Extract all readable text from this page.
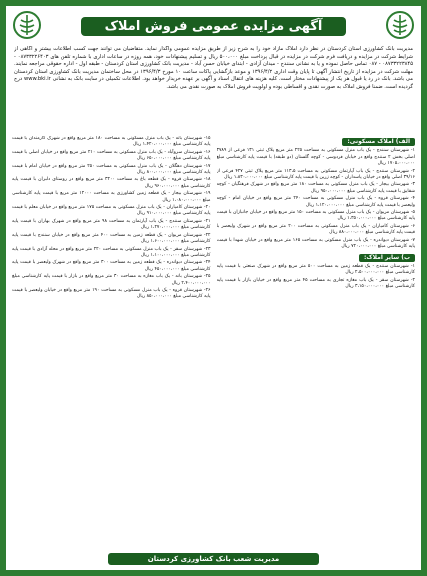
آگهی مزایده عمومی فروش املاک
مدیریت بانک کشاورزی استان کردستان در نظر دارد املاک مازاد خود را به شرح زیر از طریق مزایده عمومی واگذار نماید. متقاضیان می توانند جهت کسب اطلاعات بیشتر و آگاهی از شرایط شرکت در مزایده و دریافت فرم شرکت در مزایده در قبال پرداخت مبلغ ۵۰۰،۰۰۰ ریال و تسلیم پیشنهادات خود، همه روزه در ساعات اداری با شماره تلفن های ۰۸۷۳۳۲۲۶۴۰۳ - ۰۸۷۳۳۲۲۳۸۴۵ - ۰۸۷ تماس حاصل نموده و یا به نشانی سنندج - میدان آزادی - ابتدای خیابان حسن آباد - مدیریت بانک کشاورزی استان کردستان - طبقه اول - اداره حقوقی مراجعه نمایند. مهلت شرکت در مزایده از تاریخ انتشار آگهی تا پایان وقت اداری ۱۳۹۶/۴/۲ و موعد بازگشایی پاکات ساعت ۱۰ مورخ ۱۳۹۶/۴/۳ در محل ساختمان مدیریت بانک کشاورزی استان کردستان می باشد. بانک در رد یا قبول هر یک از پیشنهادات مختار است. کلیه هزینه های انتقال اسناد و آگهی بر عهده خریدار خواهد بود. اطلاعات تکمیلی در سایت بانک به نشانی www.bki.ir درج گردیده است. ضمنا فروش املاک به صورت نقدی و اقساطی بوده و اولویت فروش املاک به صورت نقدی می باشد.
الف) املاک مسکونی:
۱- شهرستان سنندج - یک باب منزل مسکونی به مساحت ۲۲۵ متر مربع پلاک ثبتی ۱۳۱ فرعی از ۳۷۸۹ اصلی بخش ۲ سنندج واقع در خیابان فردوسی - کوچه گلستان (دو طبقه) با قیمت پایه کارشناسی مبلغ ۱۷۰۵،۰۰۰،۰۰۰ ریال
۲- شهرستان سنندج - یک باب آپارتمان مسکونی به مساحت ۱۱۳،۵ متر مربع پلاک ثبتی ۴۲۷ فرعی از ۳۹/۱۶ اصلی واقع در خیابان پاسداران - کوچه زرین با قیمت پایه کارشناسی مبلغ ۱،۸۳۰،۰۰۰،۰۰۰ ریال
۳- شهرستان بیجار - یک باب منزل مسکونی به مساحت ۱۸۰ متر مربع واقع در شهرک فرهنگیان - کوچه شقایق با قیمت پایه کارشناسی مبلغ ۹۵۰،۰۰۰،۰۰۰ ریال
۴- شهرستان قروه - یک باب منزل مسکونی به مساحت ۲۴۰ متر مربع واقع در خیابان امام - کوچه ولیعصر با قیمت پایه کارشناسی مبلغ ۱،۱۲۰،۰۰۰،۰۰۰ ریال
۵- شهرستان مریوان - یک باب منزل مسکونی به مساحت ۱۵۰ متر مربع واقع در خیابان جانبازان با قیمت پایه کارشناسی مبلغ ۱،۳۵۰،۰۰۰،۰۰۰ ریال
۶- شهرستان کامیاران - یک باب منزل مسکونی به مساحت ۲۰۰ متر مربع واقع در شهرک ولیعصر با قیمت پایه کارشناسی مبلغ ۸۸۰،۰۰۰،۰۰۰ ریال
۷- شهرستان دیواندره - یک باب منزل مسکونی به مساحت ۱۶۵ متر مربع واقع در خیابان شهدا با قیمت پایه کارشناسی مبلغ ۷۲۰،۰۰۰،۰۰۰ ریال
ب) سایر املاک:
۱- شهرستان سنندج - یک قطعه زمین به مساحت ۵۰۰ متر مربع واقع در شهرک صنعتی با قیمت پایه کارشناسی مبلغ ۲،۵۰۰،۰۰۰،۰۰۰ ریال
۲- شهرستان سقز - یک باب مغازه تجاری به مساحت ۴۵ متر مربع واقع در خیابان بازار با قیمت پایه کارشناسی مبلغ ۳،۱۵۰،۰۰۰،۰۰۰ ریال
۱۵- شهرستان بانه - یک باب منزل مسکونی به مساحت ۱۸۰ متر مربع واقع در شهرک کارمندان با قیمت پایه کارشناسی مبلغ ۱،۴۲۰،۰۰۰،۰۰۰ ریال
۱۶- شهرستان سروآباد - یک باب منزل مسکونی به مساحت ۲۱۰ متر مربع واقع در خیابان اصلی با قیمت پایه کارشناسی مبلغ ۶۵۰،۰۰۰،۰۰۰ ریال
۱۷- شهرستان دهگلان - یک باب منزل مسکونی به مساحت ۲۵۰ متر مربع واقع در خیابان امام با قیمت پایه کارشناسی مبلغ ۸۰۰،۰۰۰،۰۰۰ ریال
۱۸- شهرستان قروه - یک قطعه باغ به مساحت ۳۲۰۰ متر مربع واقع در روستای دلبران با قیمت پایه کارشناسی مبلغ ۹۶۰،۰۰۰،۰۰۰ ریال
۱۹- شهرستان بیجار - یک قطعه زمین کشاورزی به مساحت ۱۲۰۰۰ متر مربع با قیمت پایه کارشناسی مبلغ ۱،۰۸۰،۰۰۰،۰۰۰ ریال
۲۰- شهرستان کامیاران - یک باب منزل مسکونی به مساحت ۱۷۵ متر مربع واقع در خیابان معلم با قیمت پایه کارشناسی مبلغ ۹۱۰،۰۰۰،۰۰۰ ریال
۲۱- شهرستان سنندج - یک باب آپارتمان به مساحت ۹۸ متر مربع واقع در شهرک بهاران با قیمت پایه کارشناسی مبلغ ۱،۲۷۰،۰۰۰،۰۰۰ ریال
۲۲- شهرستان مریوان - یک قطعه زمین به مساحت ۴۰۰ متر مربع واقع در خیابان سنندج با قیمت پایه کارشناسی مبلغ ۱،۶۰۰،۰۰۰،۰۰۰ ریال
۲۳- شهرستان سقز - یک باب منزل مسکونی به مساحت ۲۲۰ متر مربع واقع در محله آزادی با قیمت پایه کارشناسی مبلغ ۱،۱۰۰،۰۰۰،۰۰۰ ریال
۲۴- شهرستان دیواندره - یک قطعه زمین به مساحت ۳۰۰ متر مربع واقع در شهرک ولیعصر با قیمت پایه کارشناسی مبلغ ۴۵۰،۰۰۰،۰۰۰ ریال
۲۵- شهرستان بانه - یک باب مغازه به مساحت ۳۰ متر مربع واقع در بازار با قیمت پایه کارشناسی مبلغ ۲،۴۰۰،۰۰۰،۰۰۰ ریال
۲۶- شهرستان قروه - یک باب منزل مسکونی به مساحت ۱۹۰ متر مربع واقع در خیابان ولیعصر با قیمت پایه کارشناسی مبلغ ۸۵۰،۰۰۰،۰۰۰ ریال
مدیریت شعب بانک کشاورزی کردستان
